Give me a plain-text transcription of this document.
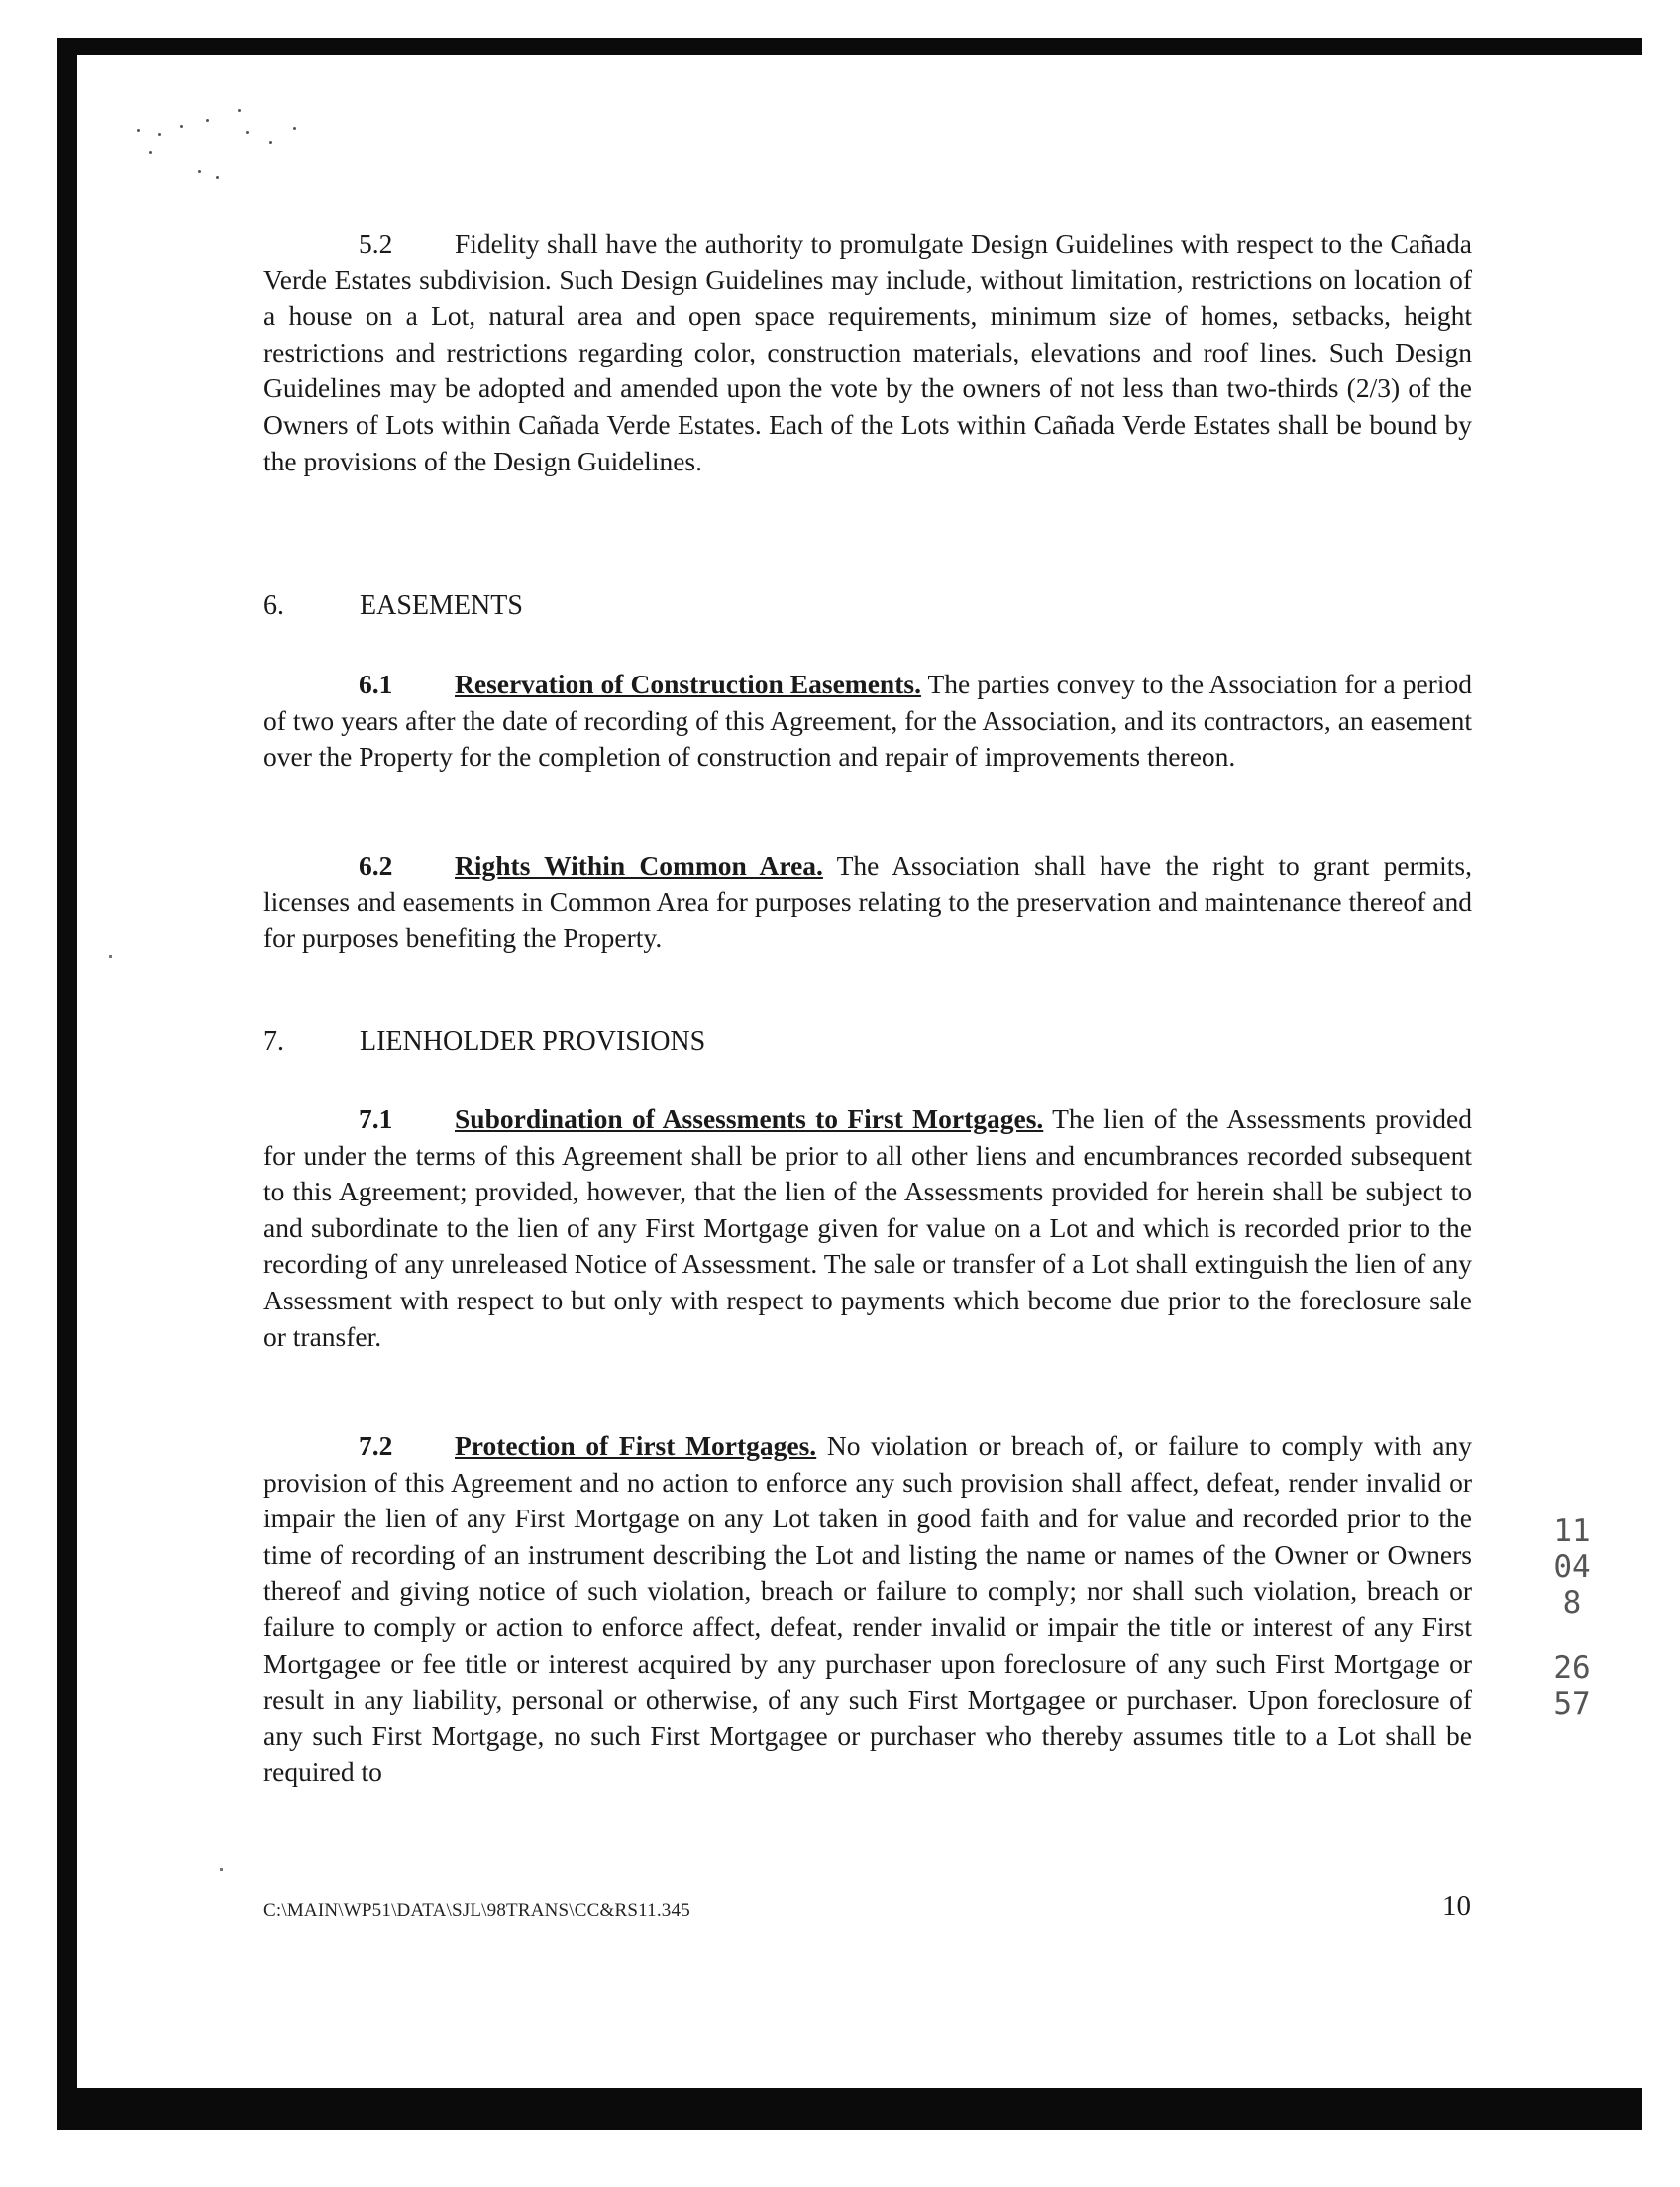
5.2 Fidelity shall have the authority to promulgate Design Guidelines with respect to the Cañada Verde Estates subdivision. Such Design Guidelines may include, without limitation, restrictions on location of a house on a Lot, natural area and open space requirements, minimum size of homes, setbacks, height restrictions and restrictions regarding color, construction materials, elevations and roof lines. Such Design Guidelines may be adopted and amended upon the vote by the owners of not less than two-thirds (2/3) of the Owners of Lots within Cañada Verde Estates. Each of the Lots within Cañada Verde Estates shall be bound by the provisions of the Design Guidelines.
6.	EASEMENTS
6.1 Reservation of Construction Easements. The parties convey to the Association for a period of two years after the date of recording of this Agreement, for the Association, and its contractors, an easement over the Property for the completion of construction and repair of improvements thereon.
6.2 Rights Within Common Area. The Association shall have the right to grant permits, licenses and easements in Common Area for purposes relating to the preservation and maintenance thereof and for purposes benefiting the Property.
7.	LIENHOLDER PROVISIONS
7.1 Subordination of Assessments to First Mortgages. The lien of the Assessments provided for under the terms of this Agreement shall be prior to all other liens and encumbrances recorded subsequent to this Agreement; provided, however, that the lien of the Assessments provided for herein shall be subject to and subordinate to the lien of any First Mortgage given for value on a Lot and which is recorded prior to the recording of any unreleased Notice of Assessment. The sale or transfer of a Lot shall extinguish the lien of any Assessment with respect to but only with respect to payments which become due prior to the foreclosure sale or transfer.
7.2 Protection of First Mortgages. No violation or breach of, or failure to comply with any provision of this Agreement and no action to enforce any such provision shall affect, defeat, render invalid or impair the lien of any First Mortgage on any Lot taken in good faith and for value and recorded prior to the time of recording of an instrument describing the Lot and listing the name or names of the Owner or Owners thereof and giving notice of such violation, breach or failure to comply; nor shall such violation, breach or failure to comply or action to enforce affect, defeat, render invalid or impair the title or interest of any First Mortgagee or fee title or interest acquired by any purchaser upon foreclosure of any such First Mortgage or result in any liability, personal or otherwise, of any such First Mortgagee or purchaser. Upon foreclosure of any such First Mortgage, no such First Mortgagee or purchaser who thereby assumes title to a Lot shall be required to
11048
2657
C:\MAIN\WP51\DATA\SJL\98TRANS\CC&RS11.345	10
